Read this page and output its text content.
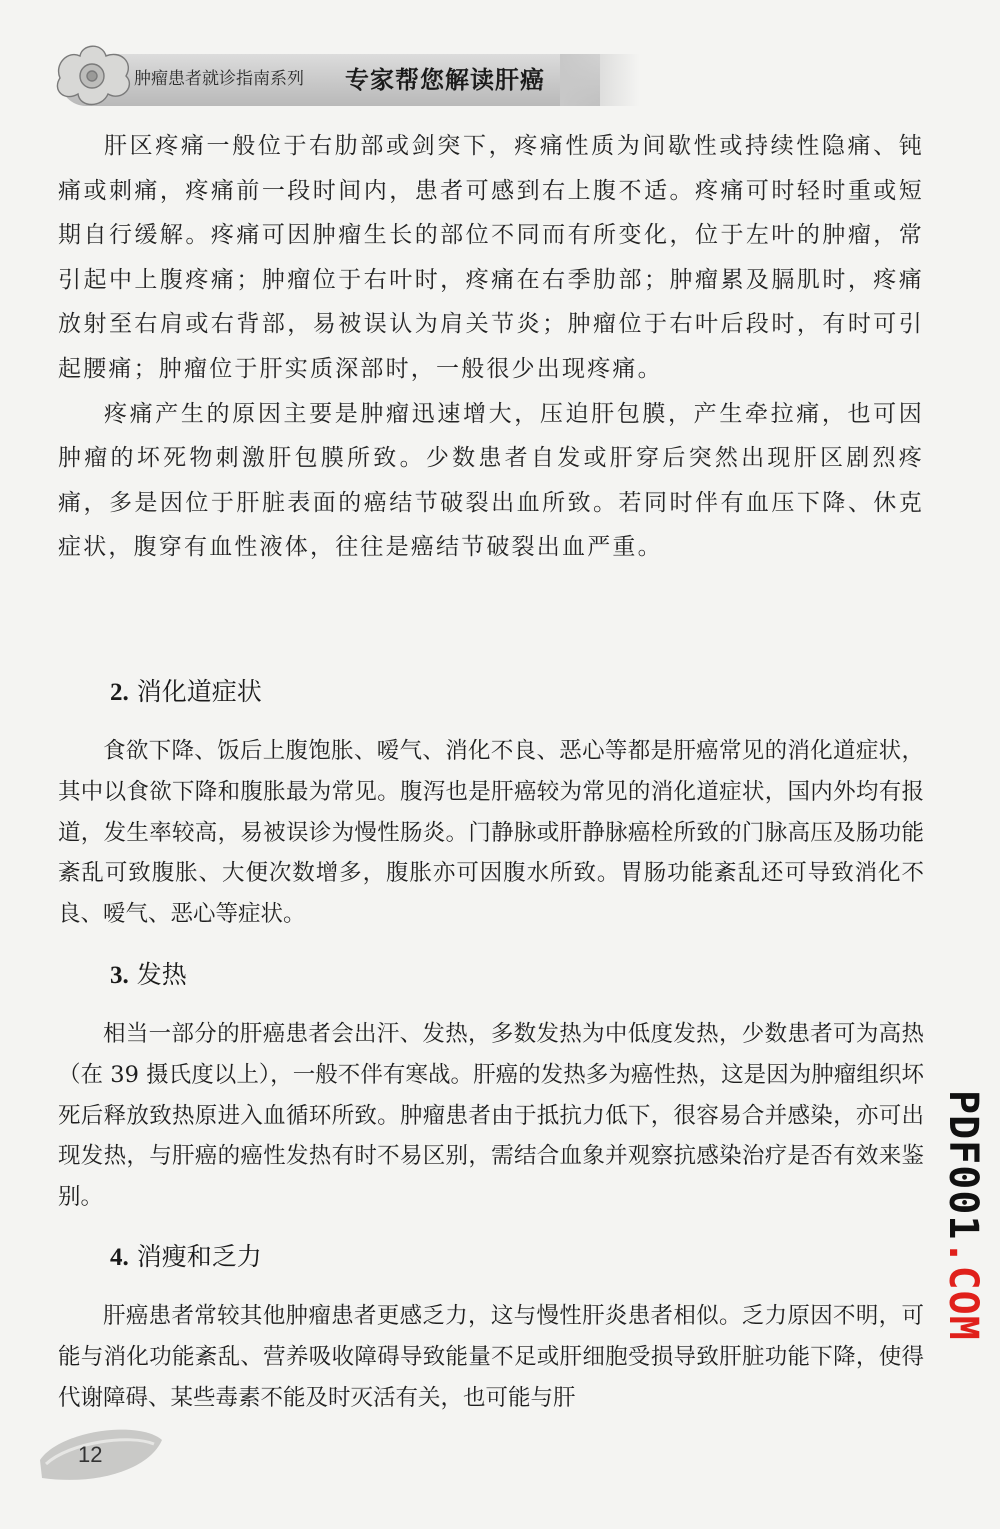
肿瘤患者就诊指南系列 专家帮您解读肝癌

肝区疼痛一般位于右肋部或剑突下，疼痛性质为间歇性或持续性隐痛、钝痛或刺痛，疼痛前一段时间内，患者可感到右上腹不适。疼痛可时轻时重或短期自行缓解。疼痛可因肿瘤生长的部位不同而有所变化，位于左叶的肿瘤，常引起中上腹疼痛；肿瘤位于右叶时，疼痛在右季肋部；肿瘤累及膈肌时，疼痛放射至右肩或右背部，易被误认为肩关节炎；肿瘤位于右叶后段时，有时可引起腰痛；肿瘤位于肝实质深部时，一般很少出现疼痛。

疼痛产生的原因主要是肿瘤迅速增大，压迫肝包膜，产生牵拉痛，也可因肿瘤的坏死物刺激肝包膜所致。少数患者自发或肝穿后突然出现肝区剧烈疼痛，多是因位于肝脏表面的癌结节破裂出血所致。若同时伴有血压下降、休克症状，腹穿有血性液体，往往是癌结节破裂出血严重。

2. 消化道症状

食欲下降、饭后上腹饱胀、嗳气、消化不良、恶心等都是肝癌常见的消化道症状，其中以食欲下降和腹胀最为常见。腹泻也是肝癌较为常见的消化道症状，国内外均有报道，发生率较高，易被误诊为慢性肠炎。门静脉或肝静脉癌栓所致的门脉高压及肠功能紊乱可致腹胀、大便次数增多，腹胀亦可因腹水所致。胃肠功能紊乱还可导致消化不良、嗳气、恶心等症状。

3. 发热

相当一部分的肝癌患者会出汗、发热，多数发热为中低度发热，少数患者可为高热（在 39 摄氏度以上），一般不伴有寒战。肝癌的发热多为癌性热，这是因为肿瘤组织坏死后释放致热原进入血循环所致。肿瘤患者由于抵抗力低下，很容易合并感染，亦可出现发热，与肝癌的癌性发热有时不易区别，需结合血象并观察抗感染治疗是否有效来鉴别。

4. 消瘦和乏力

肝癌患者常较其他肿瘤患者更感乏力，这与慢性肝炎患者相似。乏力原因不明，可能与消化功能紊乱、营养吸收障碍导致能量不足或肝细胞受损导致肝脏功能下降，使得代谢障碍、某些毒素不能及时灭活有关，也可能与肝

PDF001.COM
12
